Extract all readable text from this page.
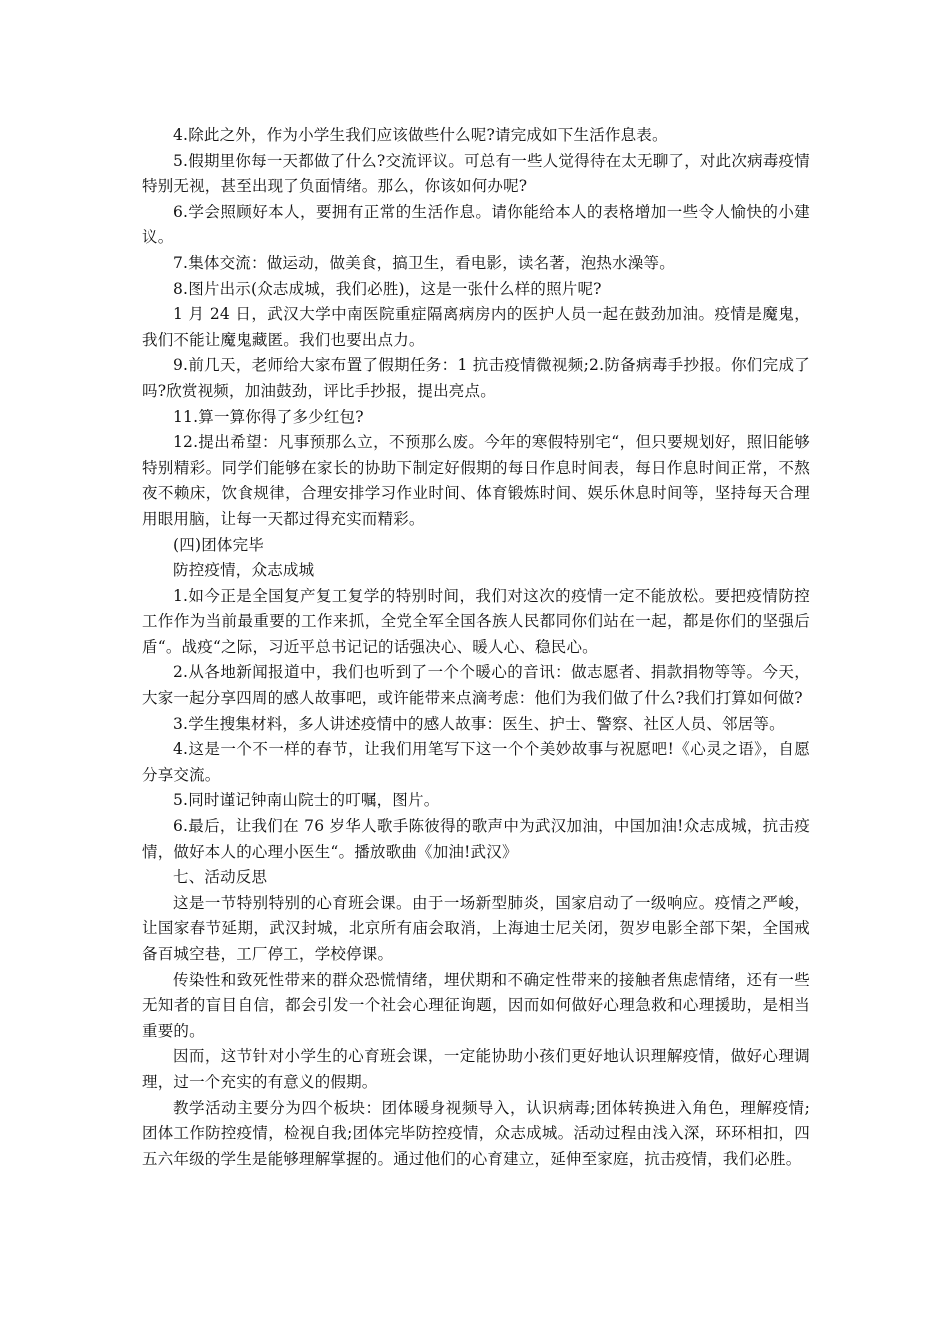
4.除此之外，作为小学生我们应该做些什么呢?请完成如下生活作息表。

5.假期里你每一天都做了什么?交流评议。可总有一些人觉得待在太无聊了，对此次病毒疫情特别无视，甚至出现了负面情绪。那么，你该如何办呢?

6.学会照顾好本人，要拥有正常的生活作息。请你能给本人的表格增加一些令人愉快的小建议。

7.集体交流：做运动，做美食，搞卫生，看电影，读名著，泡热水澡等。

8.图片出示(众志成城，我们必胜)，这是一张什么样的照片呢?

1 月 24 日，武汉大学中南医院重症隔离病房内的医护人员一起在鼓劲加油。疫情是魔鬼，我们不能让魔鬼藏匿。我们也要出点力。

9.前几天，老师给大家布置了假期任务：1 抗击疫情微视频;2.防备病毒手抄报。你们完成了吗?欣赏视频，加油鼓劲，评比手抄报，提出亮点。

11.算一算你得了多少红包?

12.提出希望：凡事预那么立，不预那么废。今年的寒假特别宅“，但只要规划好，照旧能够特别精彩。同学们能够在家长的协助下制定好假期的每日作息时间表，每日作息时间正常，不熬夜不赖床，饮食规律，合理安排学习作业时间、体育锻炼时间、娱乐休息时间等，坚持每天合理用眼用脑，让每一天都过得充实而精彩。

(四)团体完毕

防控疫情，众志成城

1.如今正是全国复产复工复学的特别时间，我们对这次的疫情一定不能放松。要把疫情防控工作作为当前最重要的工作来抓，全党全军全国各族人民都同你们站在一起，都是你们的坚强后盾“。战疫“之际，习近平总书记记的话强决心、暖人心、稳民心。

2.从各地新闻报道中，我们也听到了一个个暖心的音讯：做志愿者、捐款捐物等等。今天，大家一起分享四周的感人故事吧，或许能带来点滴考虑：他们为我们做了什么?我们打算如何做?

3.学生搜集材料，多人讲述疫情中的感人故事：医生、护士、警察、社区人员、邻居等。

4.这是一个不一样的春节，让我们用笔写下这一个个美妙故事与祝愿吧!《心灵之语》，自愿分享交流。

5.同时谨记钟南山院士的叮嘱，图片。

6.最后，让我们在 76 岁华人歌手陈彼得的歌声中为武汉加油，中国加油!众志成城，抗击疫情，做好本人的心理小医生“。播放歌曲《加油!武汉》

七、活动反思

这是一节特别特别的心育班会课。由于一场新型肺炎，国家启动了一级响应。疫情之严峻，让国家春节延期，武汉封城，北京所有庙会取消，上海迪士尼关闭，贺岁电影全部下架，全国戒备百城空巷，工厂停工，学校停课。

传染性和致死性带来的群众恐慌情绪，埋伏期和不确定性带来的接触者焦虑情绪，还有一些无知者的盲目自信，都会引发一个社会心理征询题，因而如何做好心理急救和心理援助，是相当重要的。

因而，这节针对小学生的心育班会课，一定能协助小孩们更好地认识理解疫情，做好心理调理，过一个充实的有意义的假期。

教学活动主要分为四个板块：团体暖身视频导入，认识病毒;团体转换进入角色，理解疫情;团体工作防控疫情，检视自我;团体完毕防控疫情，众志成城。活动过程由浅入深，环环相扣，四五六年级的学生是能够理解掌握的。通过他们的心育建立，延伸至家庭，抗击疫情，我们必胜。
